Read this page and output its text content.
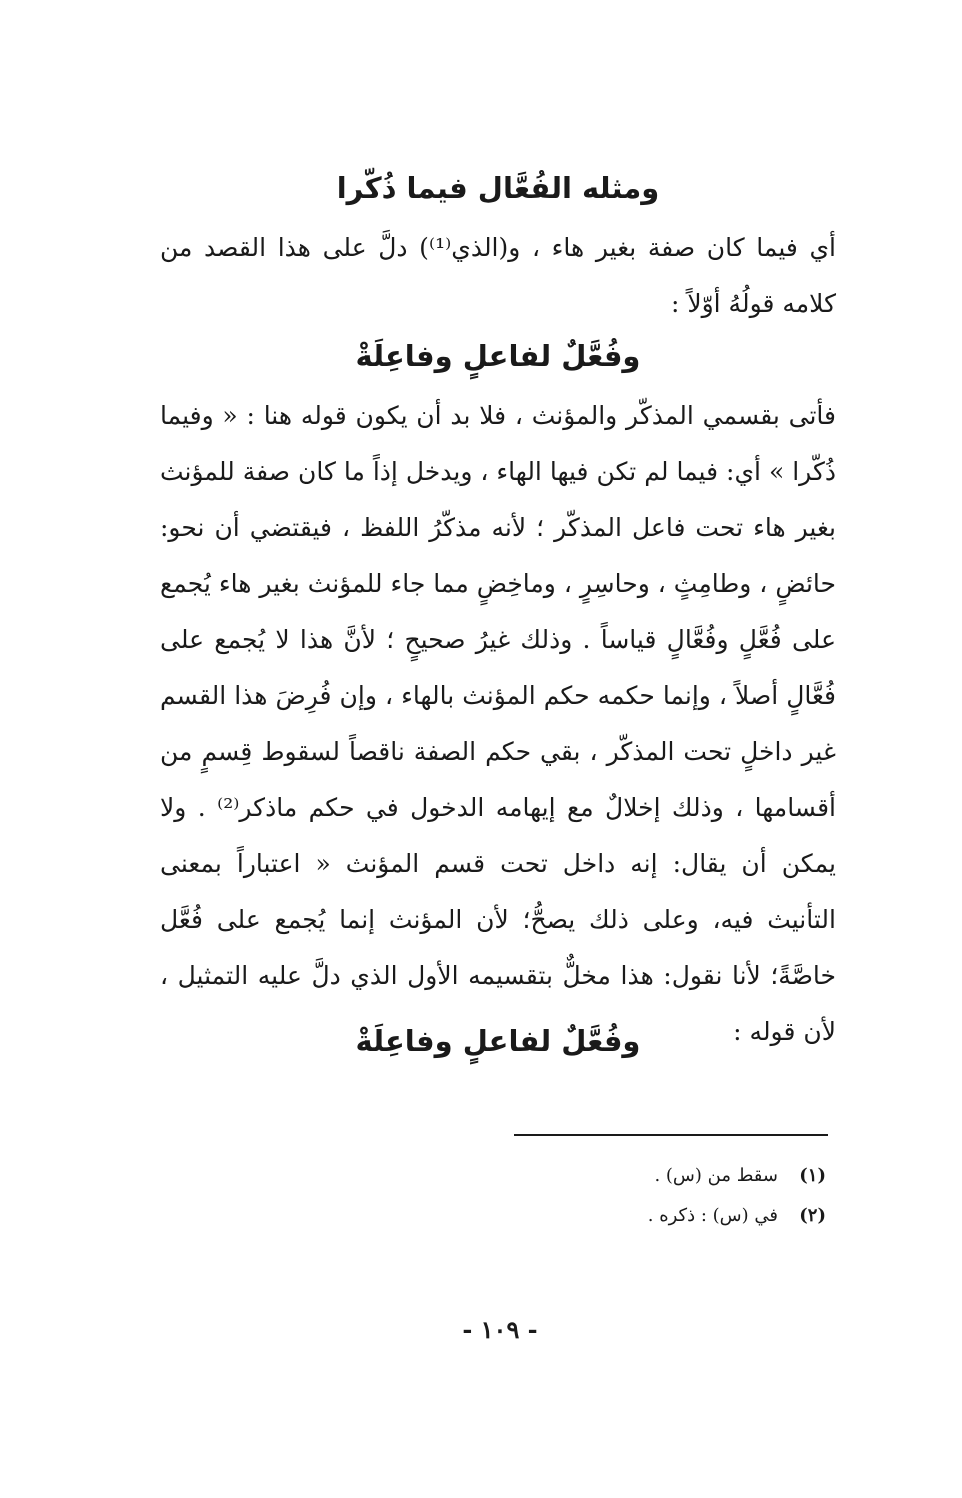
ومثله الفُعَّال فيما ذُكّرا
أي فيما كان صفة بغير هاء ، و(الذي⁽¹⁾) دلَّ على هذا القصد من كلامه قولُهُ أوّلاً :
وفُعَّلٌ لفاعلٍ وفاعِلَةْ
فأتى بقسمي المذكّر والمؤنث ، فلا بد أن يكون قوله هنا : « وفيما ذُكّرا » أي: فيما لم تكن فيها الهاء ، ويدخل إذاً ما كان صفة للمؤنث بغير هاء تحت فاعل المذكّر ؛ لأنه مذكّرُ اللفظ ، فيقتضي أن نحو: حائضٍ ، وطامِثٍ ، وحاسِرٍ ، وماخِضٍ مما جاء للمؤنث بغير هاء يُجمع على فُعَّلٍ وفُعَّالٍ قياساً . وذلك غيرُ صحيحٍ ؛ لأنَّ هذا لا يُجمع على فُعَّالٍ أصلاً ، وإنما حكمه حكم المؤنث بالهاء ، وإن فُرِضَ هذا القسم غير داخلٍ تحت المذكّر ، بقي حكم الصفة ناقصاً لسقوط قِسمٍ من أقسامها ، وذلك إخلالٌ مع إيهامه الدخول في حكم ماذكر⁽²⁾ . ولا يمكن أن يقال: إنه داخل تحت قسم المؤنث « اعتباراً بمعنى التأنيث فيه، وعلى ذلك يصحُّ؛ لأن المؤنث إنما يُجمع على فُعَّل خاصَّةً؛ لأنا نقول: هذا مخلٌّ بتقسيمه الأول الذي دلَّ عليه التمثيل ، لأن قوله :
وفُعَّلٌ لفاعلٍ وفاعِلَةْ
(١)
سقط من (س) .
(٢)
في (س) : ذكره .
- ١٠٩ -
